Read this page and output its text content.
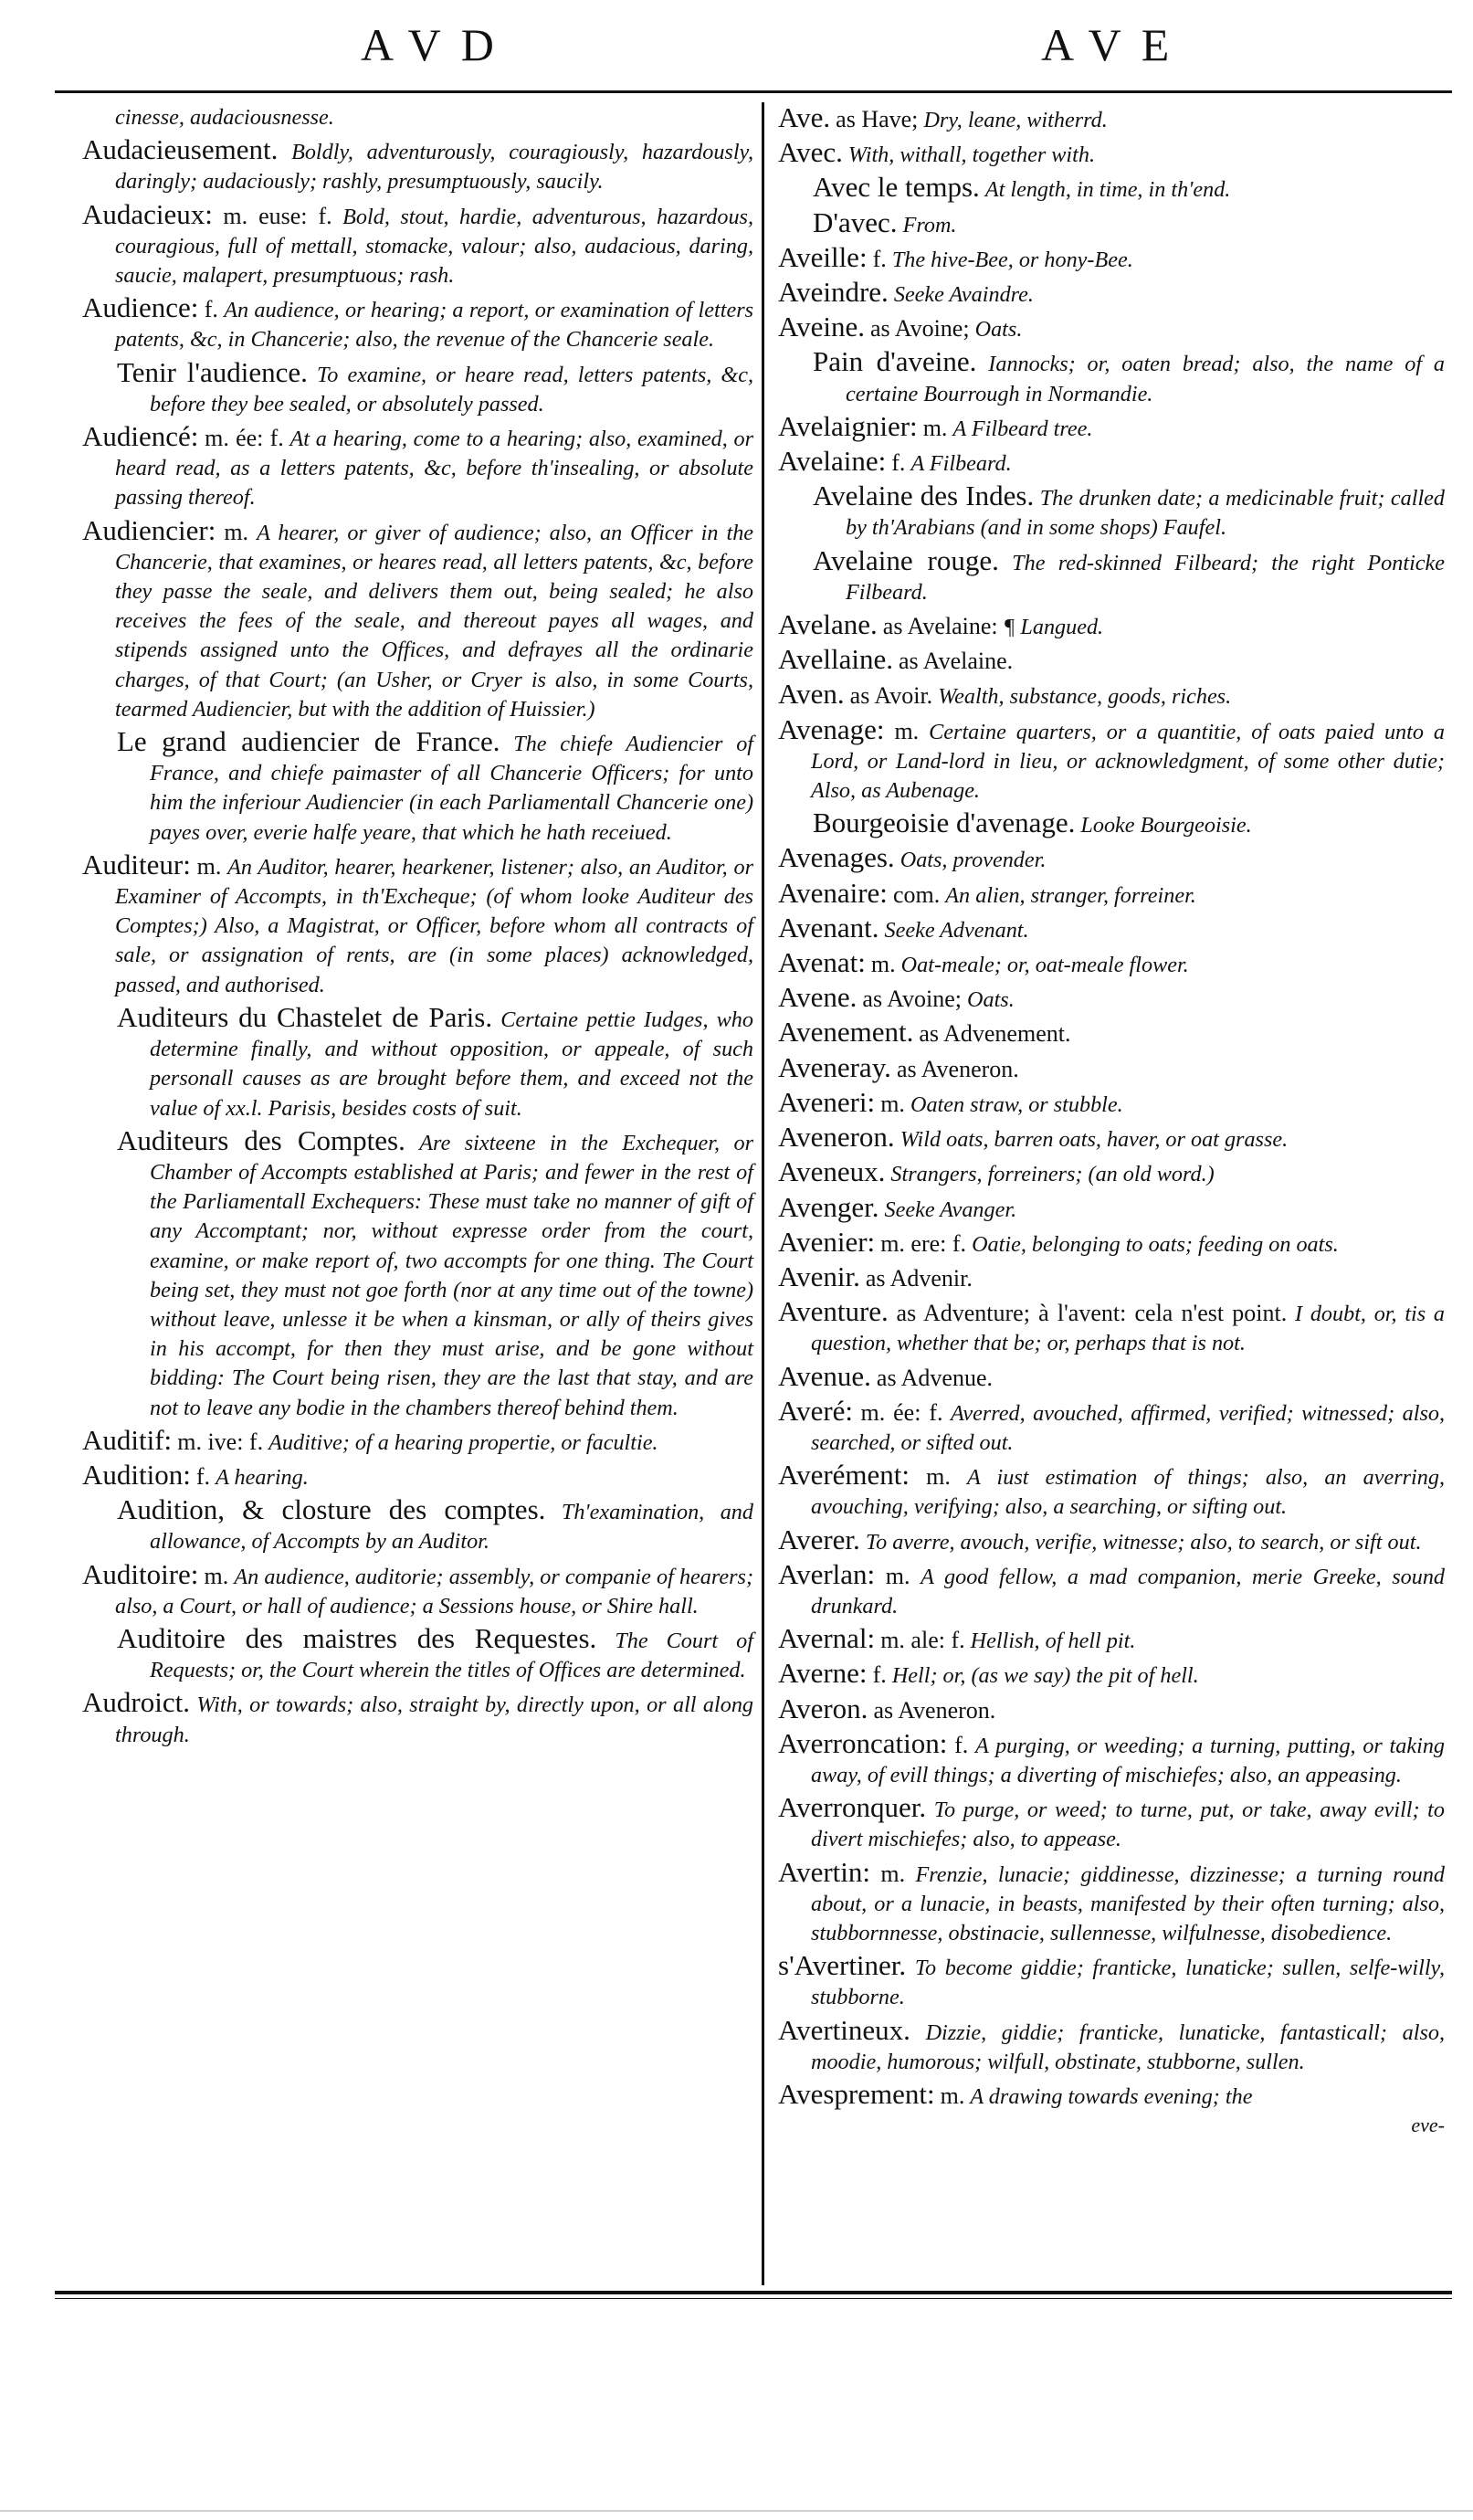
AVD	AVE

cinesse, audaciousnesse.

Audacieusement. Boldly, adventurously, couragiously, hazardously, daringly; audaciously; rashly, presumptuously, saucily.

Audacieux: m. euse: f. Bold, stout, hardie, adventurous, hazardous, couragious, full of mettall, stomacke, valour; also, audacious, daring, saucie, malapert, presumptuous; rash.

Audience: f. An audience, or hearing; a report, or examination of letters patents, &c, in Chancerie; also, the revenue of the Chancerie seale.

Tenir l'audience. To examine, or heare read, letters patents, &c, before they bee sealed, or absolutely passed.

Audiencé: m. ée: f. At a hearing, come to a hearing; also, examined, or heard read, as a letters patents, &c, before th'insealing, or absolute passing thereof.

Audiencier: m. A hearer, or giver of audience; also, an Officer in the Chancerie, that examines, or heares read, all letters patents, &c, before they passe the seale, and delivers them out, being sealed; he also receives the fees of the seale, and thereout payes all wages, and stipends assigned unto the Offices, and defrayes all the ordinarie charges, of that Court; (an Usher, or Cryer is also, in some Courts, tearmed Audiencier, but with the addition of Huissier.)

Le grand audiencier de France. The chiefe Audiencier of France, and chiefe paimaster of all Chancerie Officers; for unto him the inferiour Audiencier (in each Parliamentall Chancerie one) payes over, everie halfe yeare, that which he hath receiued.

Auditeur: m. An Auditor, hearer, hearkener, listener; also, an Auditor, or Examiner of Accompts, in th'Excheque; (of whom looke Auditeur des Comptes;) Also, a Magistrat, or Officer, before whom all contracts of sale, or assignation of rents, are (in some places) acknowledged, passed, and authorised.

Auditeurs du Chastelet de Paris. Certaine pettie Iudges, who determine finally, and without opposition, or appeale, of such personall causes as are brought before them, and exceed not the value of xx.l. Parisis, besides costs of suit.

Auditeurs des Comptes. Are sixteene in the Exchequer, or Chamber of Accompts established at Paris; and fewer in the rest of the Parliamentall Exchequers: These must take no manner of gift of any Accomptant; nor, without expresse order from the court, examine, or make report of, two accompts for one thing. The Court being set, they must not goe forth (nor at any time out of the towne) without leave, unlesse it be when a kinsman, or ally of theirs gives in his accompt, for then they must arise, and be gone without bidding: The Court being risen, they are the last that stay, and are not to leave any bodie in the chambers thereof behind them.

Auditif: m. ive: f. Auditive; of a hearing propertie, or facultie.

Audition: f. A hearing.

Audition, & closture des comptes. Th'examination, and allowance, of Accompts by an Auditor.

Auditoire: m. An audience, auditorie; assembly, or companie of hearers; also, a Court, or hall of audience; a Sessions house, or Shire hall.

Auditoire des maistres des Requestes. The Court of Requests; or, the Court wherein the titles of Offices are determined.

Audroict. With, or towards; also, straight by, directly upon, or all along through.

Ave. as Have; Dry, leane, witherrd.

Avec. With, withall, together with.

Avec le temps. At length, in time, in th'end.

D'avec. From.

Aveille: f. The hive-Bee, or hony-Bee.

Aveindre. Seeke Avaindre.

Aveine. as Avoine; Oats.

Pain d'aveine. Iannocks; or, oaten bread; also, the name of a certaine Bourrough in Normandie.

Avelaignier: m. A Filbeard tree.

Avelaine: f. A Filbeard.

Avelaine des Indes. The drunken date; a medicinable fruit; called by th'Arabians (and in some shops) Faufel.

Avelaine rouge. The red-skinned Filbeard; the right Ponticke Filbeard.

Avelane. as Avelaine: ¶ Langued.

Avellaine. as Avelaine.

Aven. as Avoir. Wealth, substance, goods, riches.

Avenage: m. Certaine quarters, or a quantitie, of oats paied unto a Lord, or Land-lord in lieu, or acknowledgment, of some other dutie; Also, as Aubenage.

Bourgeoisie d'avenage. Looke Bourgeoisie.

Avenages. Oats, provender.

Avenaire: com. An alien, stranger, forreiner.

Avenant. Seeke Advenant.

Avenat: m. Oat-meale; or, oat-meale flower.

Avene. as Avoine; Oats.

Avenement. as Advenement.

Aveneray. as Aveneron.

Aveneri: m. Oaten straw, or stubble.

Aveneron. Wild oats, barren oats, haver, or oat grasse.

Aveneux. Strangers, forreiners; (an old word.)

Avenger. Seeke Avanger.

Avenier: m. ere: f. Oatie, belonging to oats; feeding on oats.

Avenir. as Advenir.

Aventure. as Adventure; à l'avent: cela n'est point. I doubt, or, tis a question, whether that be; or, perhaps that is not.

Avenue. as Advenue.

Averé: m. ée: f. Averred, avouched, affirmed, verified; witnessed; also, searched, or sifted out.

Averément: m. A iust estimation of things; also, an averring, avouching, verifying; also, a searching, or sifting out.

Averer. To averre, avouch, verifie, witnesse; also, to search, or sift out.

Averlan: m. A good fellow, a mad companion, merie Greeke, sound drunkard.

Avernal: m. ale: f. Hellish, of hell pit.

Averne: f. Hell; or, (as we say) the pit of hell.

Averon. as Aveneron.

Averroncation: f. A purging, or weeding; a turning, putting, or taking away, of evill things; a diverting of mischiefes; also, an appeasing.

Averronquer. To purge, or weed; to turne, put, or take, away evill; to divert mischiefes; also, to appease.

Avertin: m. Frenzie, lunacie; giddinesse, dizzinesse; a turning round about, or a lunacie, in beasts, manifested by their often turning; also, stubbornnesse, obstinacie, sullennesse, wilfulnesse, disobedience.

s'Avertiner. To become giddie; franticke, lunaticke; sullen, selfe-willy, stubborne.

Avertineux. Dizzie, giddie; franticke, lunaticke, fantasticall; also, moodie, humorous; wilfull, obstinate, stubborne, sullen.

Avesprement: m. A drawing towards evening; the

eve-
